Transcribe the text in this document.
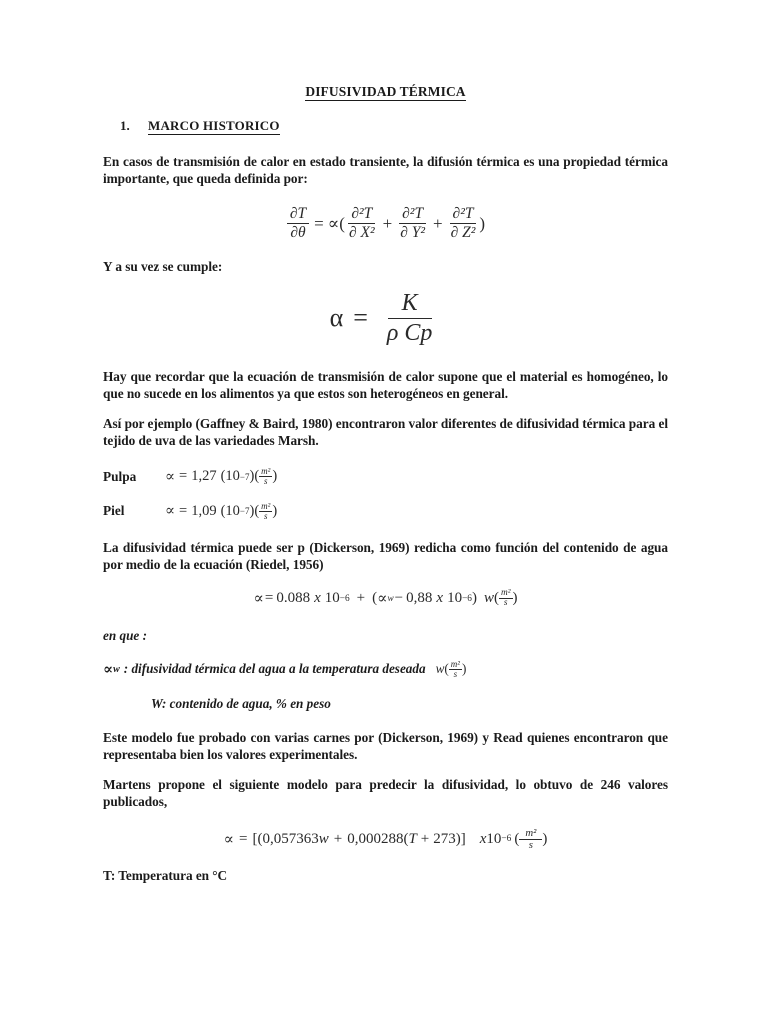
DIFUSIVIDAD TÉRMICA
1.	MARCO HISTORICO

En casos de transmisión de calor en estado transiente, la difusión térmica es una propiedad térmica importante, que queda definida por:

$\frac{\partial T}{\partial\theta}$ = ∝ ( $\frac{\text{∂²T}}{\text{∂ X²}} + \frac{\text{∂²T}}{\text{∂ Y²}} + \frac{\text{∂²T}}{\text{∂ Z²}}$ )

Y a su vez se cumple:

$\alpha = \frac{K}{\text{ρ Cp}}$

Hay que recordar que la ecuación de transmisión de calor supone que el material es homogéneo, lo que no sucede en los alimentos ya que estos son heterogéneos en general.

Así por ejemplo (Gaffney & Baird, 1980) encontraron valor diferentes de difusividad térmica para el tejido de uva de las variedades Marsh.

Pulpa	∝ = 1,27 ( 10 −7 ) ( $\frac{\text{m²}}{s}$ )
Piel	∝ = 1,09 ( 10 −7 ) ( $\frac{\text{m²}}{s}$ )

La difusividad térmica puede ser p (Dickerson, 1969) redicha como función del contenido de agua por medio de la ecuación (Riedel, 1956)

∝ = 0.088 x 10 −6 + ( ∝ w − 0,88 x 10 −6 ) w ( $\frac{\text{m²}}{s}$ )

en que :

∝ w : difusividad térmica del agua a la temperatura deseada w ( $\frac{\text{m²}}{s}$ )

W: contenido de agua, % en peso

Este modelo fue probado con varias carnes por (Dickerson, 1969) y Read quienes encontraron que representaba bien los valores experimentales.

Martens propone el siguiente modelo para predecir la difusividad, lo obtuvo de 246 valores publicados,

∝ = [( 0,057363 w + 0,000288 ( T + 273 ) ] x 10 −6 ( $\frac{\text{m²}}{s}$ )

T: Temperatura en °C
